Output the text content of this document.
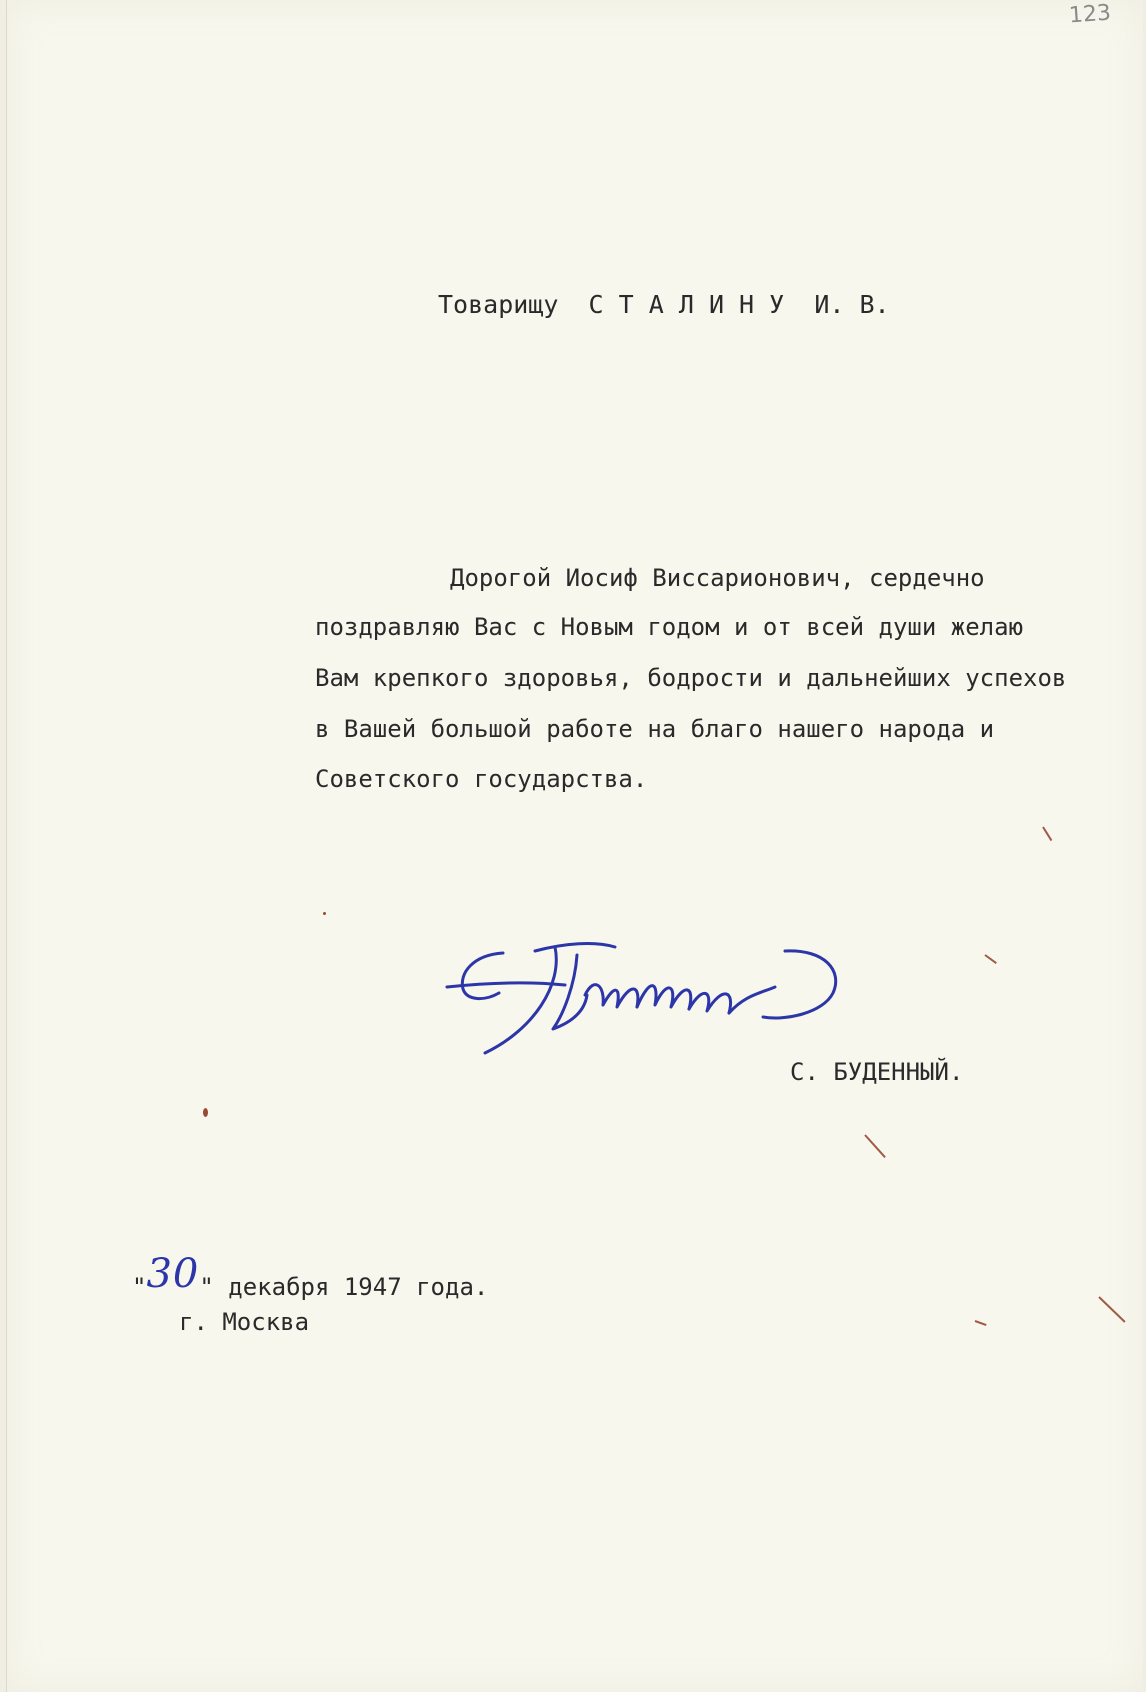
123
Товарищу С Т А Л И Н У И. В.
Дорогой Иосиф Виссарионович, сердечно
поздравляю Вас с Новым годом и от всей души желаю
Вам крепкого здоровья, бодрости и дальнейших успехов
в Вашей большой работе на благо нашего народа и
Советского государства.
С. БУДЕННЫЙ.
"30" декабря 1947 года.
г. Москва
